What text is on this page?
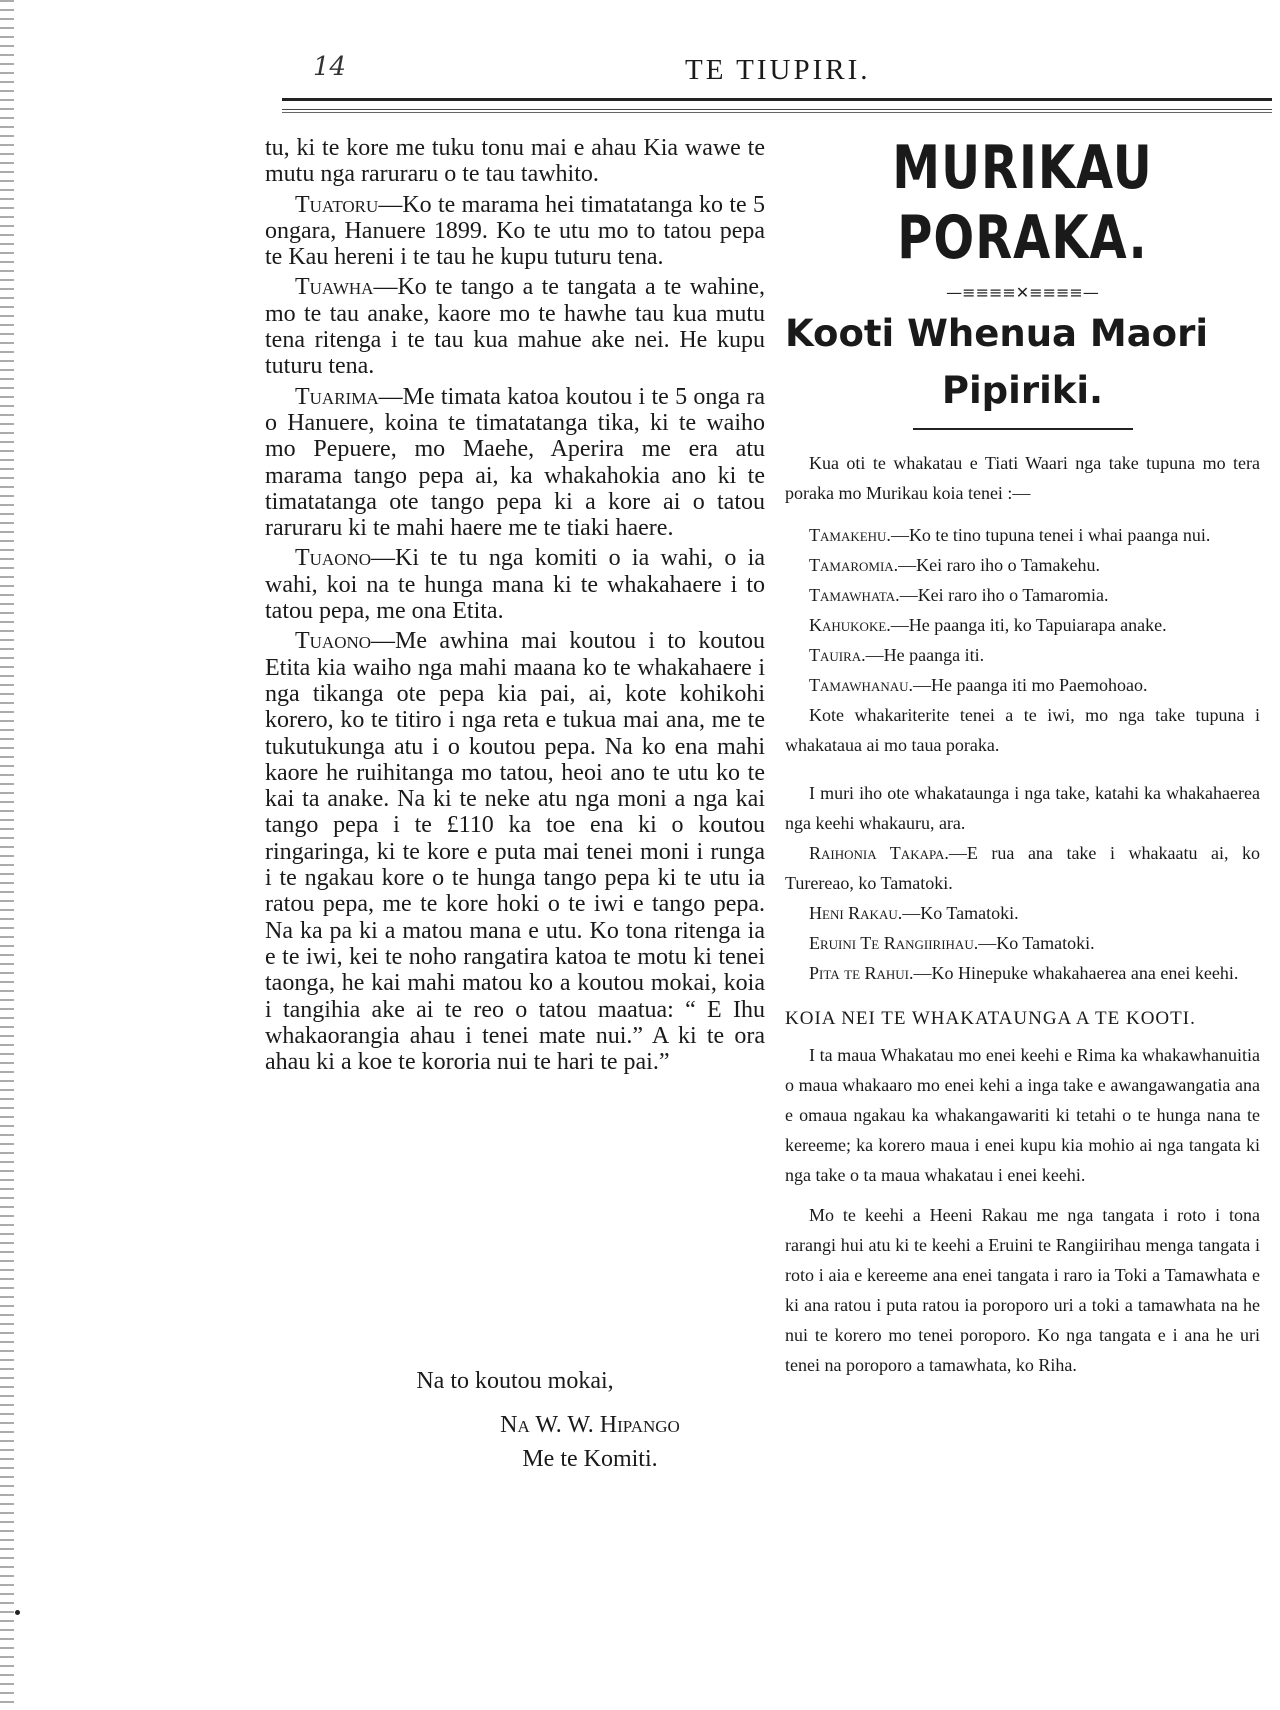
14	TE TIUPIRI.

tu, ki te kore me tuku tonu mai e ahau Kia wawe te mutu nga raruraru o te tau tawhito.

Tuatoru—Ko te marama hei timatatanga ko te 5 ongara, Hanuere 1899. Ko te utu mo to tatou pepa te Kau hereni i te tau he kupu tuturu tena.

Tuawha—Ko te tango a te tangata a te wahine, mo te tau anake, kaore mo te hawhe tau kua mutu tena ritenga i te tau kua mahue ake nei. He kupu tuturu tena.

Tuarima—Me timata katoa koutou i te 5 onga ra o Hanuere, koina te timatatanga tika, ki te waiho mo Pepuere, mo Maehe, Aperira me era atu marama tango pepa ai, ka whakahokia ano ki te timatatanga ote tango pepa ki a kore ai o tatou raruraru ki te mahi haere me te tiaki haere.

Tuaono—Ki te tu nga komiti o ia wahi, o ia wahi, koi na te hunga mana ki te whakahaere i to tatou pepa, me ona Etita.

Tuaono—Me awhina mai koutou i to koutou Etita kia waiho nga mahi maana ko te whakahaere i nga tikanga ote pepa kia pai, ai, kote kohikohi korero, ko te titiro i nga reta e tukua mai ana, me te tukutukunga atu i o koutou pepa. Na ko ena mahi kaore he ruihitanga mo tatou, heoi ano te utu ko te kai ta anake. Na ki te neke atu nga moni a nga kai tango pepa i te £110 ka toe ena ki o koutou ringaringa, ki te kore e puta mai tenei moni i runga i te ngakau kore o te hunga tango pepa ki te utu ia ratou pepa, me te kore hoki o te iwi e tango pepa. Na ka pa ki a matou mana e utu. Ko tona ritenga ia e te iwi, kei te noho rangatira katoa te motu ki tenei taonga, he kai mahi matou ko a koutou mokai, koia i tangihia ake ai te reo o tatou maatua: “ E Ihu whakaorangia ahau i tenei mate nui.” A ki te ora ahau ki a koe te kororia nui te hari te pai.”

Na to koutou mokai,
Na W. W. Hipango
Me te Komiti.
MURIKAU PORAKA.
—≡≡≡≡✕≡≡≡≡—
Kooti Whenua Maori
Pipiriki.

Kua oti te whakatau e Tiati Waari nga take tupuna mo tera poraka mo Murikau koia tenei :—

Tamakehu.—Ko te tino tupuna tenei i whai paanga nui.

Tamaromia.—Kei raro iho o Tamakehu.

Tamawhata.—Kei raro iho o Tamaromia.

Kahukoke.—He paanga iti, ko Tapuiarapa anake.

Tauira.—He paanga iti.

Tamawhanau.—He paanga iti mo Paemohoao.

Kote whakariterite tenei a te iwi, mo nga take tupuna i whakataua ai mo taua poraka.

I muri iho ote whakataunga i nga take, katahi ka whakahaerea nga keehi whakauru, ara.

Raihonia Takapa.—E rua ana take i whakaatu ai, ko Turereao, ko Tamatoki.

Heni Rakau.—Ko Tamatoki.

Eruini Te Rangiirihau.—Ko Tamatoki.

Pita te Rahui.—Ko Hinepuke whakahaerea ana enei keehi.

KOIA NEI TE WHAKATAUNGA A TE KOOTI.

I ta maua Whakatau mo enei keehi e Rima ka whakawhanuitia o maua whakaaro mo enei kehi a inga take e awangawangatia ana e omaua ngakau ka whakangawariti ki tetahi o te hunga nana te kereeme; ka korero maua i enei kupu kia mohio ai nga tangata ki nga take o ta maua whakatau i enei keehi.

Mo te keehi a Heeni Rakau me nga tangata i roto i tona rarangi hui atu ki te keehi a Eruini te Rangiirihau menga tangata i roto i aia e kereeme ana enei tangata i raro ia Toki a Tamawhata e ki ana ratou i puta ratou ia poroporo uri a toki a tamawhata na he nui te korero mo tenei poroporo. Ko nga tangata e i ana he uri tenei na poroporo a tamawhata, ko Riha.
